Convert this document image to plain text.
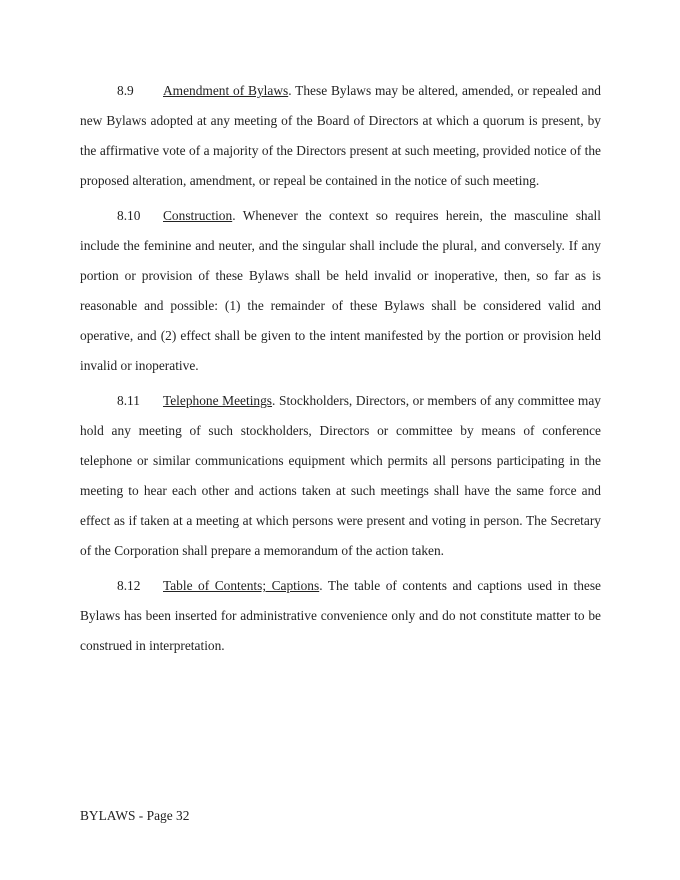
8.9 Amendment of Bylaws. These Bylaws may be altered, amended, or repealed and new Bylaws adopted at any meeting of the Board of Directors at which a quorum is present, by the affirmative vote of a majority of the Directors present at such meeting, provided notice of the proposed alteration, amendment, or repeal be contained in the notice of such meeting.

8.10 Construction. Whenever the context so requires herein, the masculine shall include the feminine and neuter, and the singular shall include the plural, and conversely. If any portion or provision of these Bylaws shall be held invalid or inoperative, then, so far as is reasonable and possible: (1) the remainder of these Bylaws shall be considered valid and operative, and (2) effect shall be given to the intent manifested by the portion or provision held invalid or inoperative.

8.11 Telephone Meetings. Stockholders, Directors, or members of any committee may hold any meeting of such stockholders, Directors or committee by means of conference telephone or similar communications equipment which permits all persons participating in the meeting to hear each other and actions taken at such meetings shall have the same force and effect as if taken at a meeting at which persons were present and voting in person. The Secretary of the Corporation shall prepare a memorandum of the action taken.

8.12 Table of Contents; Captions. The table of contents and captions used in these Bylaws has been inserted for administrative convenience only and do not constitute matter to be construed in interpretation.

BYLAWS - Page 32
